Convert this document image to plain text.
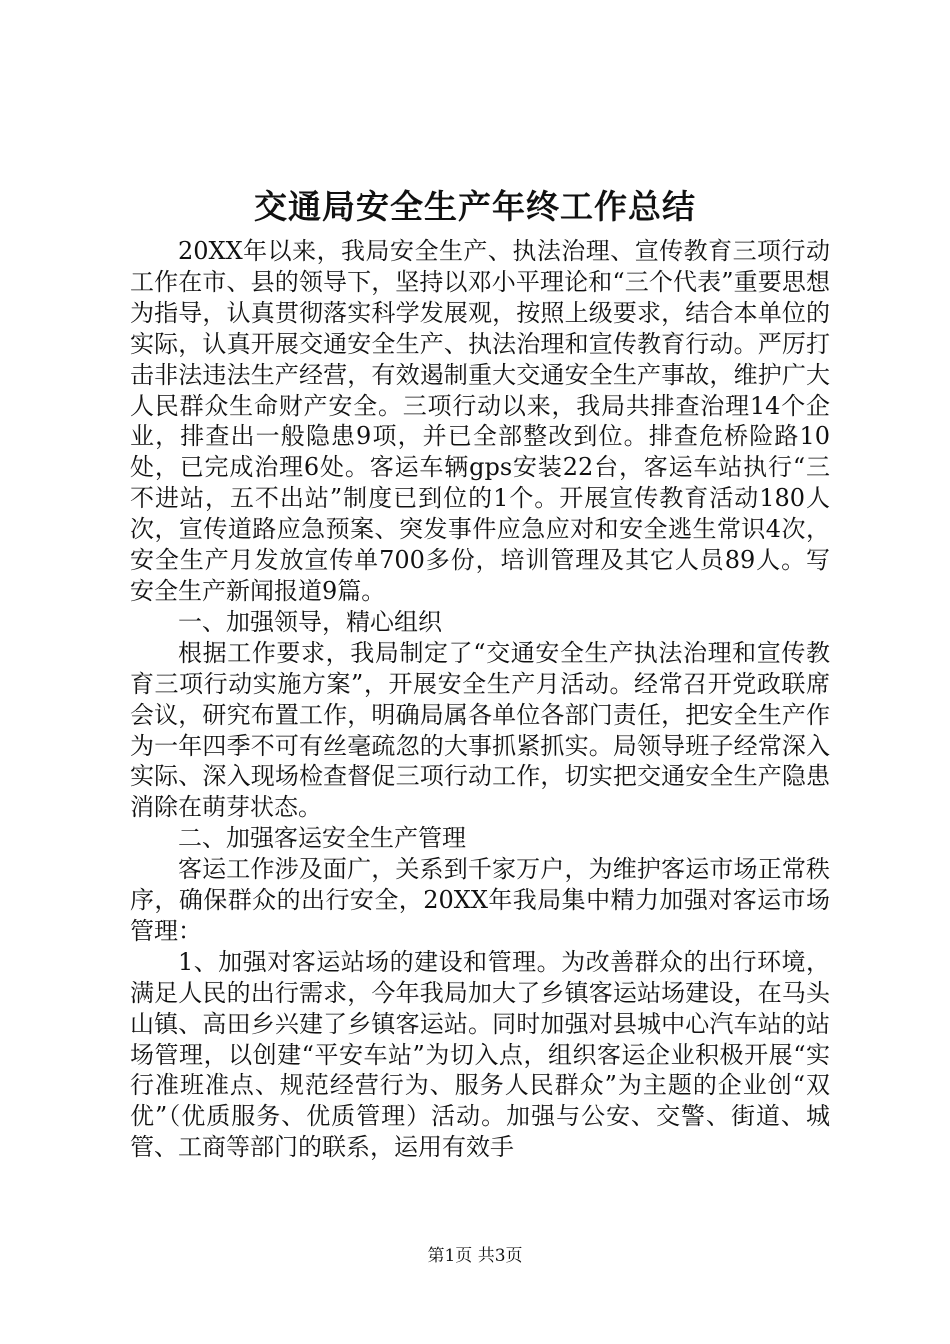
交通局安全生产年终工作总结

20XX年以来，我局安全生产、执法治理、宣传教育三项行动工作在市、县的领导下，坚持以邓小平理论和“三个代表”重要思想为指导，认真贯彻落实科学发展观，按照上级要求，结合本单位的实际，认真开展交通安全生产、执法治理和宣传教育行动。严厉打击非法违法生产经营，有效遏制重大交通安全生产事故，维护广大人民群众生命财产安全。三项行动以来，我局共排查治理14个企业，排查出一般隐患9项，并已全部整改到位。排查危桥险路10处，已完成治理6处。客运车辆gps安装22台，客运车站执行“三不进站，五不出站”制度已到位的1个。开展宣传教育活动180人次，宣传道路应急预案、突发事件应急应对和安全逃生常识4次，安全生产月发放宣传单700多份，培训管理及其它人员89人。写安全生产新闻报道9篇。

一、加强领导，精心组织

根据工作要求，我局制定了“交通安全生产执法治理和宣传教育三项行动实施方案”，开展安全生产月活动。经常召开党政联席会议，研究布置工作，明确局属各单位各部门责任，把安全生产作为一年四季不可有丝毫疏忽的大事抓紧抓实。局领导班子经常深入实际、深入现场检查督促三项行动工作，切实把交通安全生产隐患消除在萌芽状态。

二、加强客运安全生产管理

客运工作涉及面广，关系到千家万户，为维护客运市场正常秩序，确保群众的出行安全，20XX年我局集中精力加强对客运市场管理：

1、加强对客运站场的建设和管理。为改善群众的出行环境，满足人民的出行需求，今年我局加大了乡镇客运站场建设，在马头山镇、高田乡兴建了乡镇客运站。同时加强对县城中心汽车站的站场管理，以创建“平安车站”为切入点，组织客运企业积极开展“实行准班准点、规范经营行为、服务人民群众”为主题的企业创“双优”（优质服务、优质管理）活动。加强与公安、交警、街道、城管、工商等部门的联系，运用有效手

第1页 共3页
